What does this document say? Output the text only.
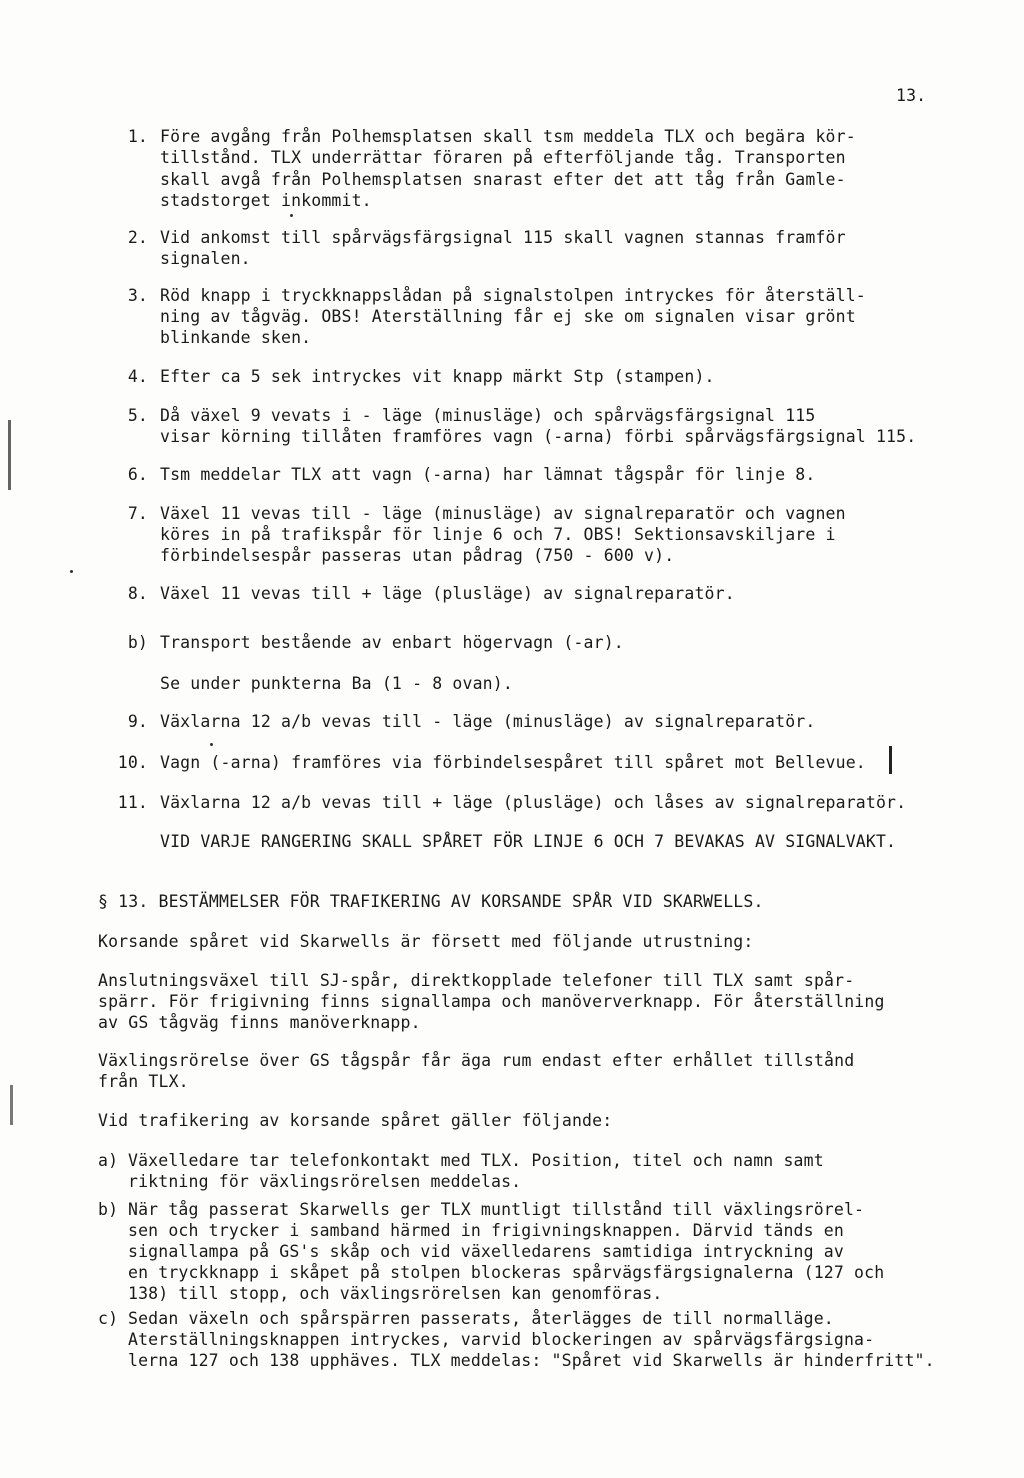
13.
1. Före avgång från Polhemsplatsen skall tsm meddela TLX och begära kör-
tillstånd. TLX underrättar föraren på efterföljande tåg. Transporten
skall avgå från Polhemsplatsen snarast efter det att tåg från Gamle-
stadstorget inkommit.
2. Vid ankomst till spårvägsfärgsignal 115 skall vagnen stannas framför
signalen.
3. Röd knapp i tryckknappslådan på signalstolpen intryckes för återställ-
ning av tågväg. OBS! Aterställning får ej ske om signalen visar grönt
blinkande sken.
4. Efter ca 5 sek intryckes vit knapp märkt Stp (stampen).
5. Då växel 9 vevats i - läge (minusläge) och spårvägsfärgsignal 115
visar körning tillåten framföres vagn (-arna) förbi spårvägsfärgsignal 115.
6. Tsm meddelar TLX att vagn (-arna) har lämnat tågspår för linje 8.
7. Växel 11 vevas till - läge (minusläge) av signalreparatör och vagnen
köres in på trafikspår för linje 6 och 7. OBS! Sektionsavskiljare i
förbindelsespår passeras utan pådrag (750 - 600 v).
8. Växel 11 vevas till + läge (plusläge) av signalreparatör.
b) Transport bestående av enbart högervagn (-ar).
Se under punkterna Ba (1 - 8 ovan).
9. Växlarna 12 a/b vevas till - läge (minusläge) av signalreparatör.
10. Vagn (-arna) framföres via förbindelsespåret till spåret mot Bellevue.
11. Växlarna 12 a/b vevas till + läge (plusläge) och låses av signalreparatör.
VID VARJE RANGERING SKALL SPÅRET FÖR LINJE 6 OCH 7 BEVAKAS AV SIGNALVAKT.
§ 13. BESTÄMMELSER FÖR TRAFIKERING AV KORSANDE SPÅR VID SKARWELLS.
Korsande spåret vid Skarwells är försett med följande utrustning:
Anslutningsväxel till SJ-spår, direktkopplade telefoner till TLX samt spår-
spärr. För frigivning finns signallampa och manöververknapp. För återställning
av GS tågväg finns manöverknapp.
Växlingsrörelse över GS tågspår får äga rum endast efter erhållet tillstånd
från TLX.
Vid trafikering av korsande spåret gäller följande:
a) Växelledare tar telefonkontakt med TLX. Position, titel och namn samt
riktning för växlingsrörelsen meddelas.
b) När tåg passerat Skarwells ger TLX muntligt tillstånd till växlingsrörel-
sen och trycker i samband härmed in frigivningsknappen. Därvid tänds en
signallampa på GS's skåp och vid växelledarens samtidiga intryckning av
en tryckknapp i skåpet på stolpen blockeras spårvägsfärgsignalerna (127 och
138) till stopp, och växlingsrörelsen kan genomföras.
c) Sedan växeln och spårspärren passerats, återlägges de till normalläge.
Aterställningsknappen intryckes, varvid blockeringen av spårvägsfärgsigna-
lerna 127 och 138 upphäves. TLX meddelas: "Spåret vid Skarwells är hinderfritt".
